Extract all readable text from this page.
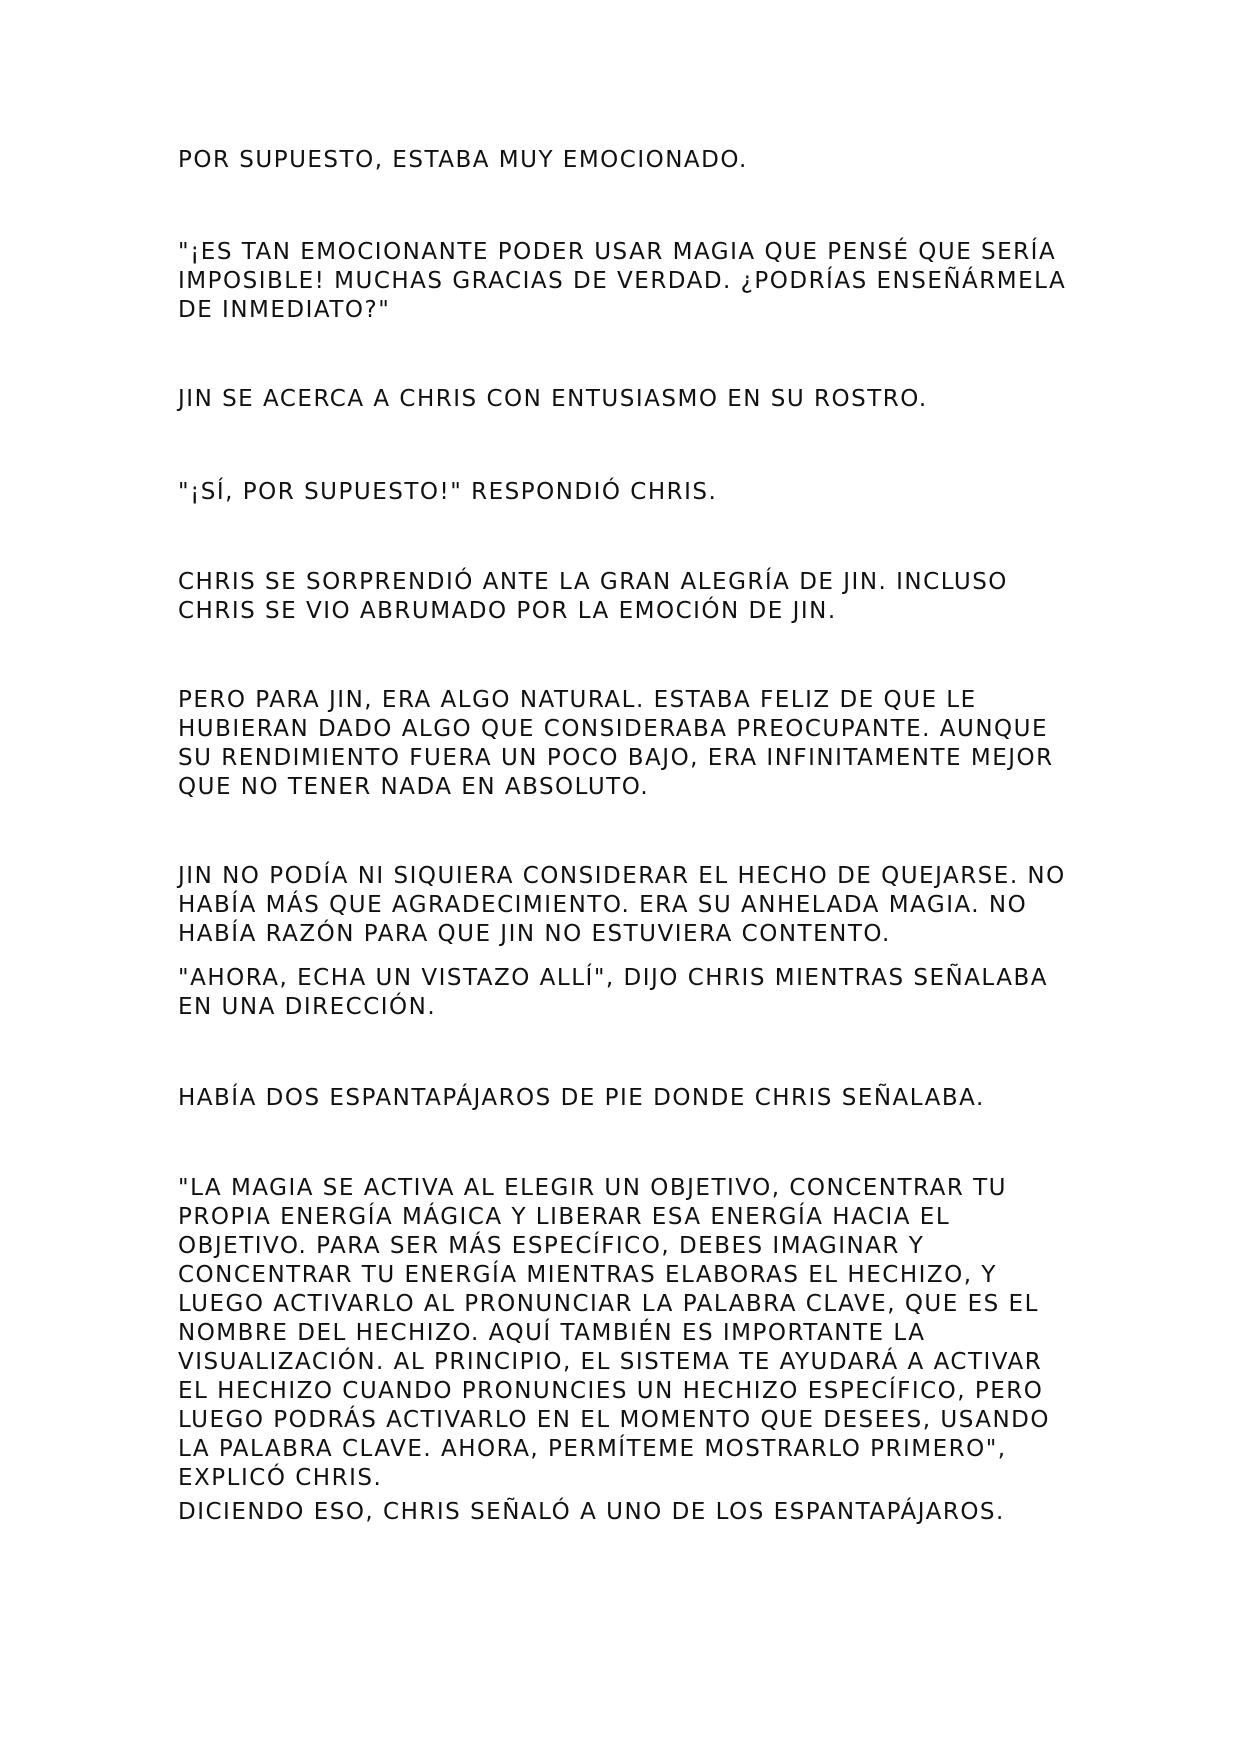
POR SUPUESTO, ESTABA MUY EMOCIONADO.

"¡ES TAN EMOCIONANTE PODER USAR MAGIA QUE PENSÉ QUE SERÍA IMPOSIBLE! MUCHAS GRACIAS DE VERDAD. ¿PODRÍAS ENSEÑÁRMELA DE INMEDIATO?"

JIN SE ACERCA A CHRIS CON ENTUSIASMO EN SU ROSTRO.

"¡SÍ, POR SUPUESTO!" RESPONDIÓ CHRIS.

CHRIS SE SORPRENDIÓ ANTE LA GRAN ALEGRÍA DE JIN. INCLUSO CHRIS SE VIO ABRUMADO POR LA EMOCIÓN DE JIN.

PERO PARA JIN, ERA ALGO NATURAL. ESTABA FELIZ DE QUE LE HUBIERAN DADO ALGO QUE CONSIDERABA PREOCUPANTE. AUNQUE SU RENDIMIENTO FUERA UN POCO BAJO, ERA INFINITAMENTE MEJOR QUE NO TENER NADA EN ABSOLUTO.

JIN NO PODÍA NI SIQUIERA CONSIDERAR EL HECHO DE QUEJARSE. NO HABÍA MÁS QUE AGRADECIMIENTO. ERA SU ANHELADA MAGIA. NO HABÍA RAZÓN PARA QUE JIN NO ESTUVIERA CONTENTO.

"AHORA, ECHA UN VISTAZO ALLÍ", DIJO CHRIS MIENTRAS SEÑALABA EN UNA DIRECCIÓN.

HABÍA DOS ESPANTAPÁJAROS DE PIE DONDE CHRIS SEÑALABA.

"LA MAGIA SE ACTIVA AL ELEGIR UN OBJETIVO, CONCENTRAR TU PROPIA ENERGÍA MÁGICA Y LIBERAR ESA ENERGÍA HACIA EL OBJETIVO. PARA SER MÁS ESPECÍFICO, DEBES IMAGINAR Y CONCENTRAR TU ENERGÍA MIENTRAS ELABORAS EL HECHIZO, Y LUEGO ACTIVARLO AL PRONUNCIAR LA PALABRA CLAVE, QUE ES EL NOMBRE DEL HECHIZO. AQUÍ TAMBIÉN ES IMPORTANTE LA VISUALIZACIÓN. AL PRINCIPIO, EL SISTEMA TE AYUDARÁ A ACTIVAR EL HECHIZO CUANDO PRONUNCIES UN HECHIZO ESPECÍFICO, PERO LUEGO PODRÁS ACTIVARLO EN EL MOMENTO QUE DESEES, USANDO LA PALABRA CLAVE. AHORA, PERMÍTEME MOSTRARLO PRIMERO", EXPLICÓ CHRIS.

DICIENDO ESO, CHRIS SEÑALÓ A UNO DE LOS ESPANTAPÁJAROS.
